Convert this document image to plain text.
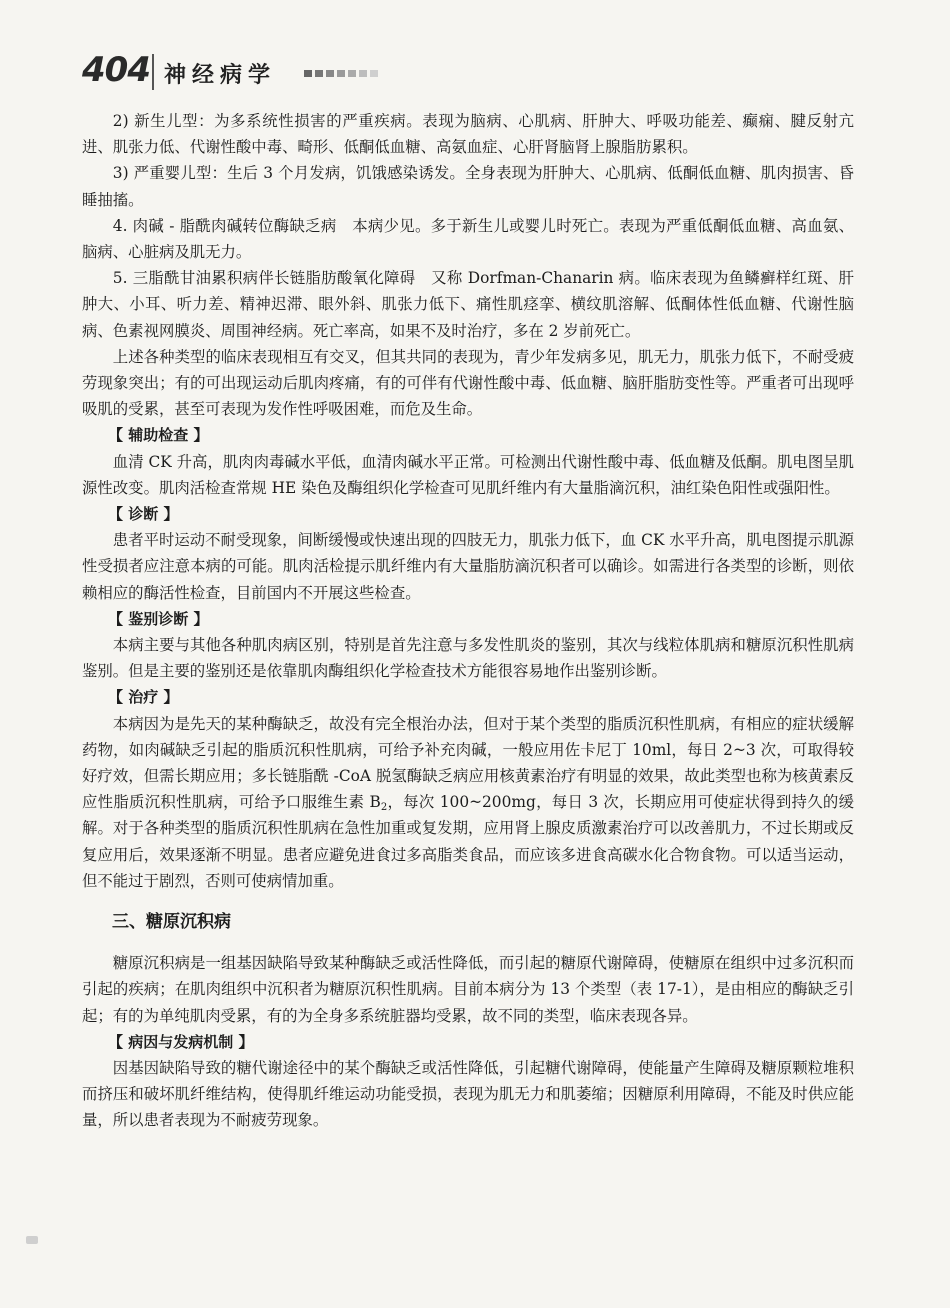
404 神经病学

2) 新生儿型：为多系统性损害的严重疾病。表现为脑病、心肌病、肝肿大、呼吸功能差、癫痫、腱反射亢进、肌张力低、代谢性酸中毒、畸形、低酮低血糖、高氨血症、心肝肾脑肾上腺脂肪累积。

3) 严重婴儿型：生后 3 个月发病，饥饿感染诱发。全身表现为肝肿大、心肌病、低酮低血糖、肌肉损害、昏睡抽搐。

4. 肉碱 - 脂酰肉碱转位酶缺乏病　本病少见。多于新生儿或婴儿时死亡。表现为严重低酮低血糖、高血氨、脑病、心脏病及肌无力。

5. 三脂酰甘油累积病伴长链脂肪酸氧化障碍　又称 Dorfman-Chanarin 病。临床表现为鱼鳞癣样红斑、肝肿大、小耳、听力差、精神迟滞、眼外斜、肌张力低下、痛性肌痉挛、横纹肌溶解、低酮体性低血糖、代谢性脑病、色素视网膜炎、周围神经病。死亡率高，如果不及时治疗，多在 2 岁前死亡。

上述各种类型的临床表现相互有交叉，但其共同的表现为，青少年发病多见，肌无力，肌张力低下，不耐受疲劳现象突出；有的可出现运动后肌肉疼痛，有的可伴有代谢性酸中毒、低血糖、脑肝脂肪变性等。严重者可出现呼吸肌的受累，甚至可表现为发作性呼吸困难，而危及生命。

【 辅助检查 】

血清 CK 升高，肌肉肉毒碱水平低，血清肉碱水平正常。可检测出代谢性酸中毒、低血糖及低酮。肌电图呈肌源性改变。肌肉活检查常规 HE 染色及酶组织化学检查可见肌纤维内有大量脂滴沉积，油红染色阳性或强阳性。

【 诊断 】

患者平时运动不耐受现象，间断缓慢或快速出现的四肢无力，肌张力低下，血 CK 水平升高，肌电图提示肌源性受损者应注意本病的可能。肌肉活检提示肌纤维内有大量脂肪滴沉积者可以确诊。如需进行各类型的诊断，则依赖相应的酶活性检查，目前国内不开展这些检查。

【 鉴别诊断 】

本病主要与其他各种肌肉病区别，特别是首先注意与多发性肌炎的鉴别，其次与线粒体肌病和糖原沉积性肌病鉴别。但是主要的鉴别还是依靠肌肉酶组织化学检查技术方能很容易地作出鉴别诊断。

【 治疗 】

本病因为是先天的某种酶缺乏，故没有完全根治办法，但对于某个类型的脂质沉积性肌病，有相应的症状缓解药物，如肉碱缺乏引起的脂质沉积性肌病，可给予补充肉碱，一般应用佐卡尼丁 10ml，每日 2~3 次，可取得较好疗效，但需长期应用；多长链脂酰 -CoA 脱氢酶缺乏病应用核黄素治疗有明显的效果，故此类型也称为核黄素反应性脂质沉积性肌病，可给予口服维生素 $B_2$，每次 100~200mg，每日 3 次，长期应用可使症状得到持久的缓解。对于各种类型的脂质沉积性肌病在急性加重或复发期，应用肾上腺皮质激素治疗可以改善肌力，不过长期或反复应用后，效果逐渐不明显。患者应避免进食过多高脂类食品，而应该多进食高碳水化合物食物。可以适当运动，但不能过于剧烈，否则可使病情加重。

三、糖原沉积病

糖原沉积病是一组基因缺陷导致某种酶缺乏或活性降低，而引起的糖原代谢障碍，使糖原在组织中过多沉积而引起的疾病；在肌肉组织中沉积者为糖原沉积性肌病。目前本病分为 13 个类型（表 17-1），是由相应的酶缺乏引起；有的为单纯肌肉受累，有的为全身多系统脏器均受累，故不同的类型，临床表现各异。

【 病因与发病机制 】

因基因缺陷导致的糖代谢途径中的某个酶缺乏或活性降低，引起糖代谢障碍，使能量产生障碍及糖原颗粒堆积而挤压和破坏肌纤维结构，使得肌纤维运动功能受损，表现为肌无力和肌萎缩；因糖原利用障碍，不能及时供应能量，所以患者表现为不耐疲劳现象。
